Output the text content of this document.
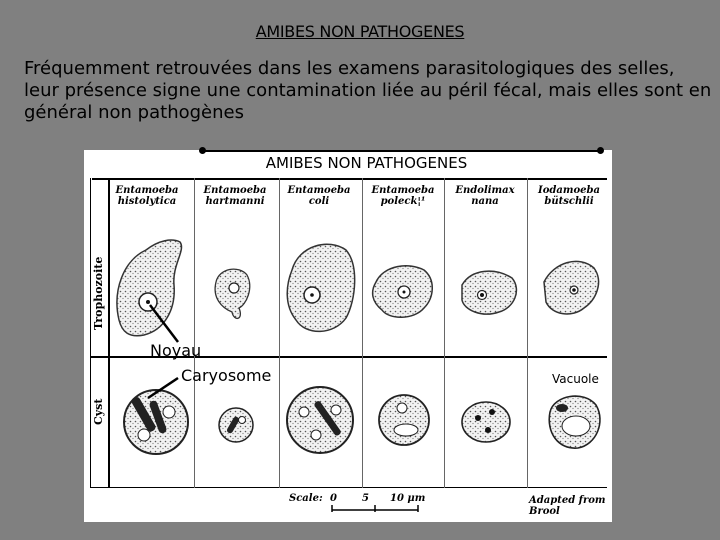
AMIBES NON PATHOGENES
Fréquemment retrouvées dans les examens parasitologiques des selles, leur présence signe une contamination liée au péril fécal, mais elles sont en général non pathogènes
AMIBES NON PATHOGENES
Trophozoite
Cyst
Entamoeba
histolytica
Entamoeba
hartmanni
Entamoeba
coli
Entamoeba
poleck¦¹
Endolimax
nana
Iodamoeba
bütschlii
Scale: 0	5 10 μm	Adapted from Brool
Noyau
Caryosome	Vacuole
